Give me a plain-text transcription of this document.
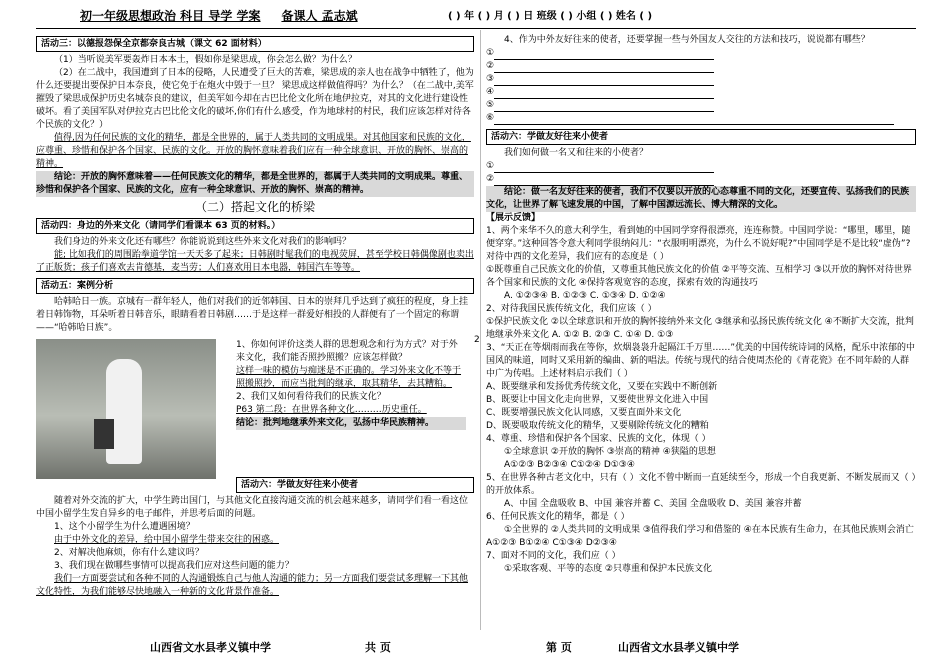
初一年级思想政治 科目 导学 学案 备课人 孟志斌	( ) 年 ( ) 月 ( ) 日 班级 ( ) 小组 ( ) 姓名 ( )
活动三：以德报怨保全京都奈良古城（课文 62 面材料）

（1）当听说美军要轰炸日本本土，假如你是梁思成，你会怎么做？为什么？

（2）在二战中，我国遭到了日本的侵略，人民遭受了巨大的苦难，梁思成的亲人也在战争中牺牲了，他为什么还要提出要保护日本奈良，使它免于在炮火中毁于一旦？ 梁思成这样做值得吗？为什么？（在二战中,美军摧毁了梁思成保护历史名城奈良的建议，但美军如今却在古巴比伦文化所在地伊拉克，对其的文化进行建设性破坏。看了美国军队对伊拉克古巴比伦文化的破坏,你们有什么感受，作为地球村的村民，我们应该怎样对待各个民族的文化？）

值得,因为任何民族的文化的精华，都是全世界的，属于人类共同的文明成果。对其他国家和民族的文化，应尊重、珍惜和保护各个国家、民族的文化。开放的胸怀意味着我们应有一种全球意识、开放的胸怀、崇高的精神。

结论：开放的胸怀意味着——任何民族文化的精华，都是全世界的，都属于人类共同的文明成果。尊重、珍惜和保护各个国家、民族的文化，应有一种全球意识、开放的胸怀、崇高的精神。

（二）搭起文化的桥梁

活动四：身边的外来文化（请同学们看课本 63 页的材料。）

我们身边的外来文化还有哪些？你能说说到这些外来文化对我们的影响吗？

能; 比如我们的周围跆拳道学馆一天天多了起来；日韩剧时髦我们的电视荧屏，甚至学校日韩偶像剧也卖出了正版货；孩子们喜欢去肯德基，麦当劳；人们喜欢用日本电器，韩国汽车等等。

活动五：案例分析

哈韩哈日一族。京城有一群年轻人，他们对我们的近邻韩国、日本的崇拜几乎达到了疯狂的程度，身上挂着日韩饰物，耳朵听着日韩音乐，眼睛看着日韩剧……于是这样一群爱好相投的人群便有了一个固定的称谓——“哈韩哈日族”。

1、你如何评价这类人群的思想观念和行为方式？对于外来文化，我们能否照抄照搬？应该怎样做？

这样一味的模仿与痴迷是不正确的。学习外来文化不等于照搬照抄，而应当批判的继承，取其精华，去其糟粕。

2、我们又如何看待我们的民族文化？

P63 第二段：在世界各种文化………历史重任。

结论：批判地继承外来文化，弘扬中华民族精神。

活动六：学做友好往来小使者

随着对外交流的扩大，中学生跨出国门，与其他文化直接沟通交流的机会越来越多，请同学们看一看这位中国小留学生发自异乡的电子邮件，并思考后面的问题。

1、这个小留学生为什么遭遇困境？

由于中外文化的差异，给中国小留学生带来交往的困惑。

2、对解决他麻烦，你有什么建议吗？

3、我们现在做哪些事情可以提高我们应对这些问题的能力？

我们一方面要尝试和各种不同的人沟通锻炼自己与他人沟通的能力；另一方面我们要尝试多理解一下其他文化特性，为我们能够尽快地融入一种新的文化背景作准备。

2

4、作为中外友好往来的使者，还要掌握一些与外国友人交往的方法和技巧，说说都有哪些？

①

②

③

④

⑤

⑥

活动六：学做友好往来小使者

我们如何做一名又和往来的小使者？

①

②

结论：做一名友好往来的使者，我们不仅要以开放的心态尊重不同的文化，还要宣传、弘扬我们的民族文化，让世界了解飞速发展的中国，了解中国源远流长、博大精深的文化。

【展示反馈】

1、两个来华不久的意大利学生，看到她的中国同学穿得很漂亮，连连称赞。中国同学说：“哪里，哪里，随便穿穿。”这种回答令意大利同学很纳闷儿：“衣服明明漂亮，为什么不说好呢?”中国同学是不是比较“虚伪”?对待中西的文化差异，我们应有的态度是（ ）

①既尊重自己民族文化的价值，又尊重其他民族文化的价值 ②平等交流、互相学习 ③以开放的胸怀对待世界各个国家和民族的文化 ④保持客观宽容的态度，探索有效的沟通技巧

A. ①②③④ B. ①②③ C. ①③④ D. ①②④

2、对待我国民族传统文化，我们应该（ ）

①保护民族文化 ②以全球意识和开放的胸怀接纳外来文化 ③继承和弘扬民族传统文化 ④不断扩大交流，批判地继承外来文化 A. ①② B. ②③ C. ①④ D. ①③

3、“天正在等烟雨而我在等你，炊烟袅袅升起隔江千万里……”优美的中国传统诗词的风格，配乐中浓郁的中国风的味道，同时又采用新的编曲、新的唱法。传统与现代的结合使周杰伦的《青花瓷》在不同年龄的人群中广为传唱。上述材料启示我们（ ）

A、既要继承和发扬优秀传统文化，又要在实践中不断创新

B、既要让中国文化走向世界，又要使世界文化进入中国

C、既要增强民族文化认同感，又要直面外来文化

D、既要吸取传统文化的精华，又要剔除传统文化的糟粕

4、尊重、珍惜和保护各个国家、民族的文化，体现（ ）

①全球意识 ②开放的胸怀 ③崇高的精神 ④狭隘的思想

A①②③ B②③④ C①②④ D①③④

5、在世界各种古老文化中，只有（ ）文化不曾中断而一直延续至今，形成一个自我更新、不断发展而又（ ）的开放体系。

A、中国 全盘吸收 B、中国 兼容并蓄 C、美国 全盘吸收 D、美国 兼容并蓄

6、任何民族文化的精华，都是（ ）

①全世界的 ②人类共同的文明成果 ③值得我们学习和借鉴的 ④在本民族有生命力，在其他民族则会消亡 A①②③ B①②④ C①③④ D②③④

7、面对不同的文化，我们应（ ）

①采取客观、平等的态度 ②只尊重和保护本民族文化

山西省文水县孝义镇中学	共 页	第 页	山西省文水县孝义镇中学
